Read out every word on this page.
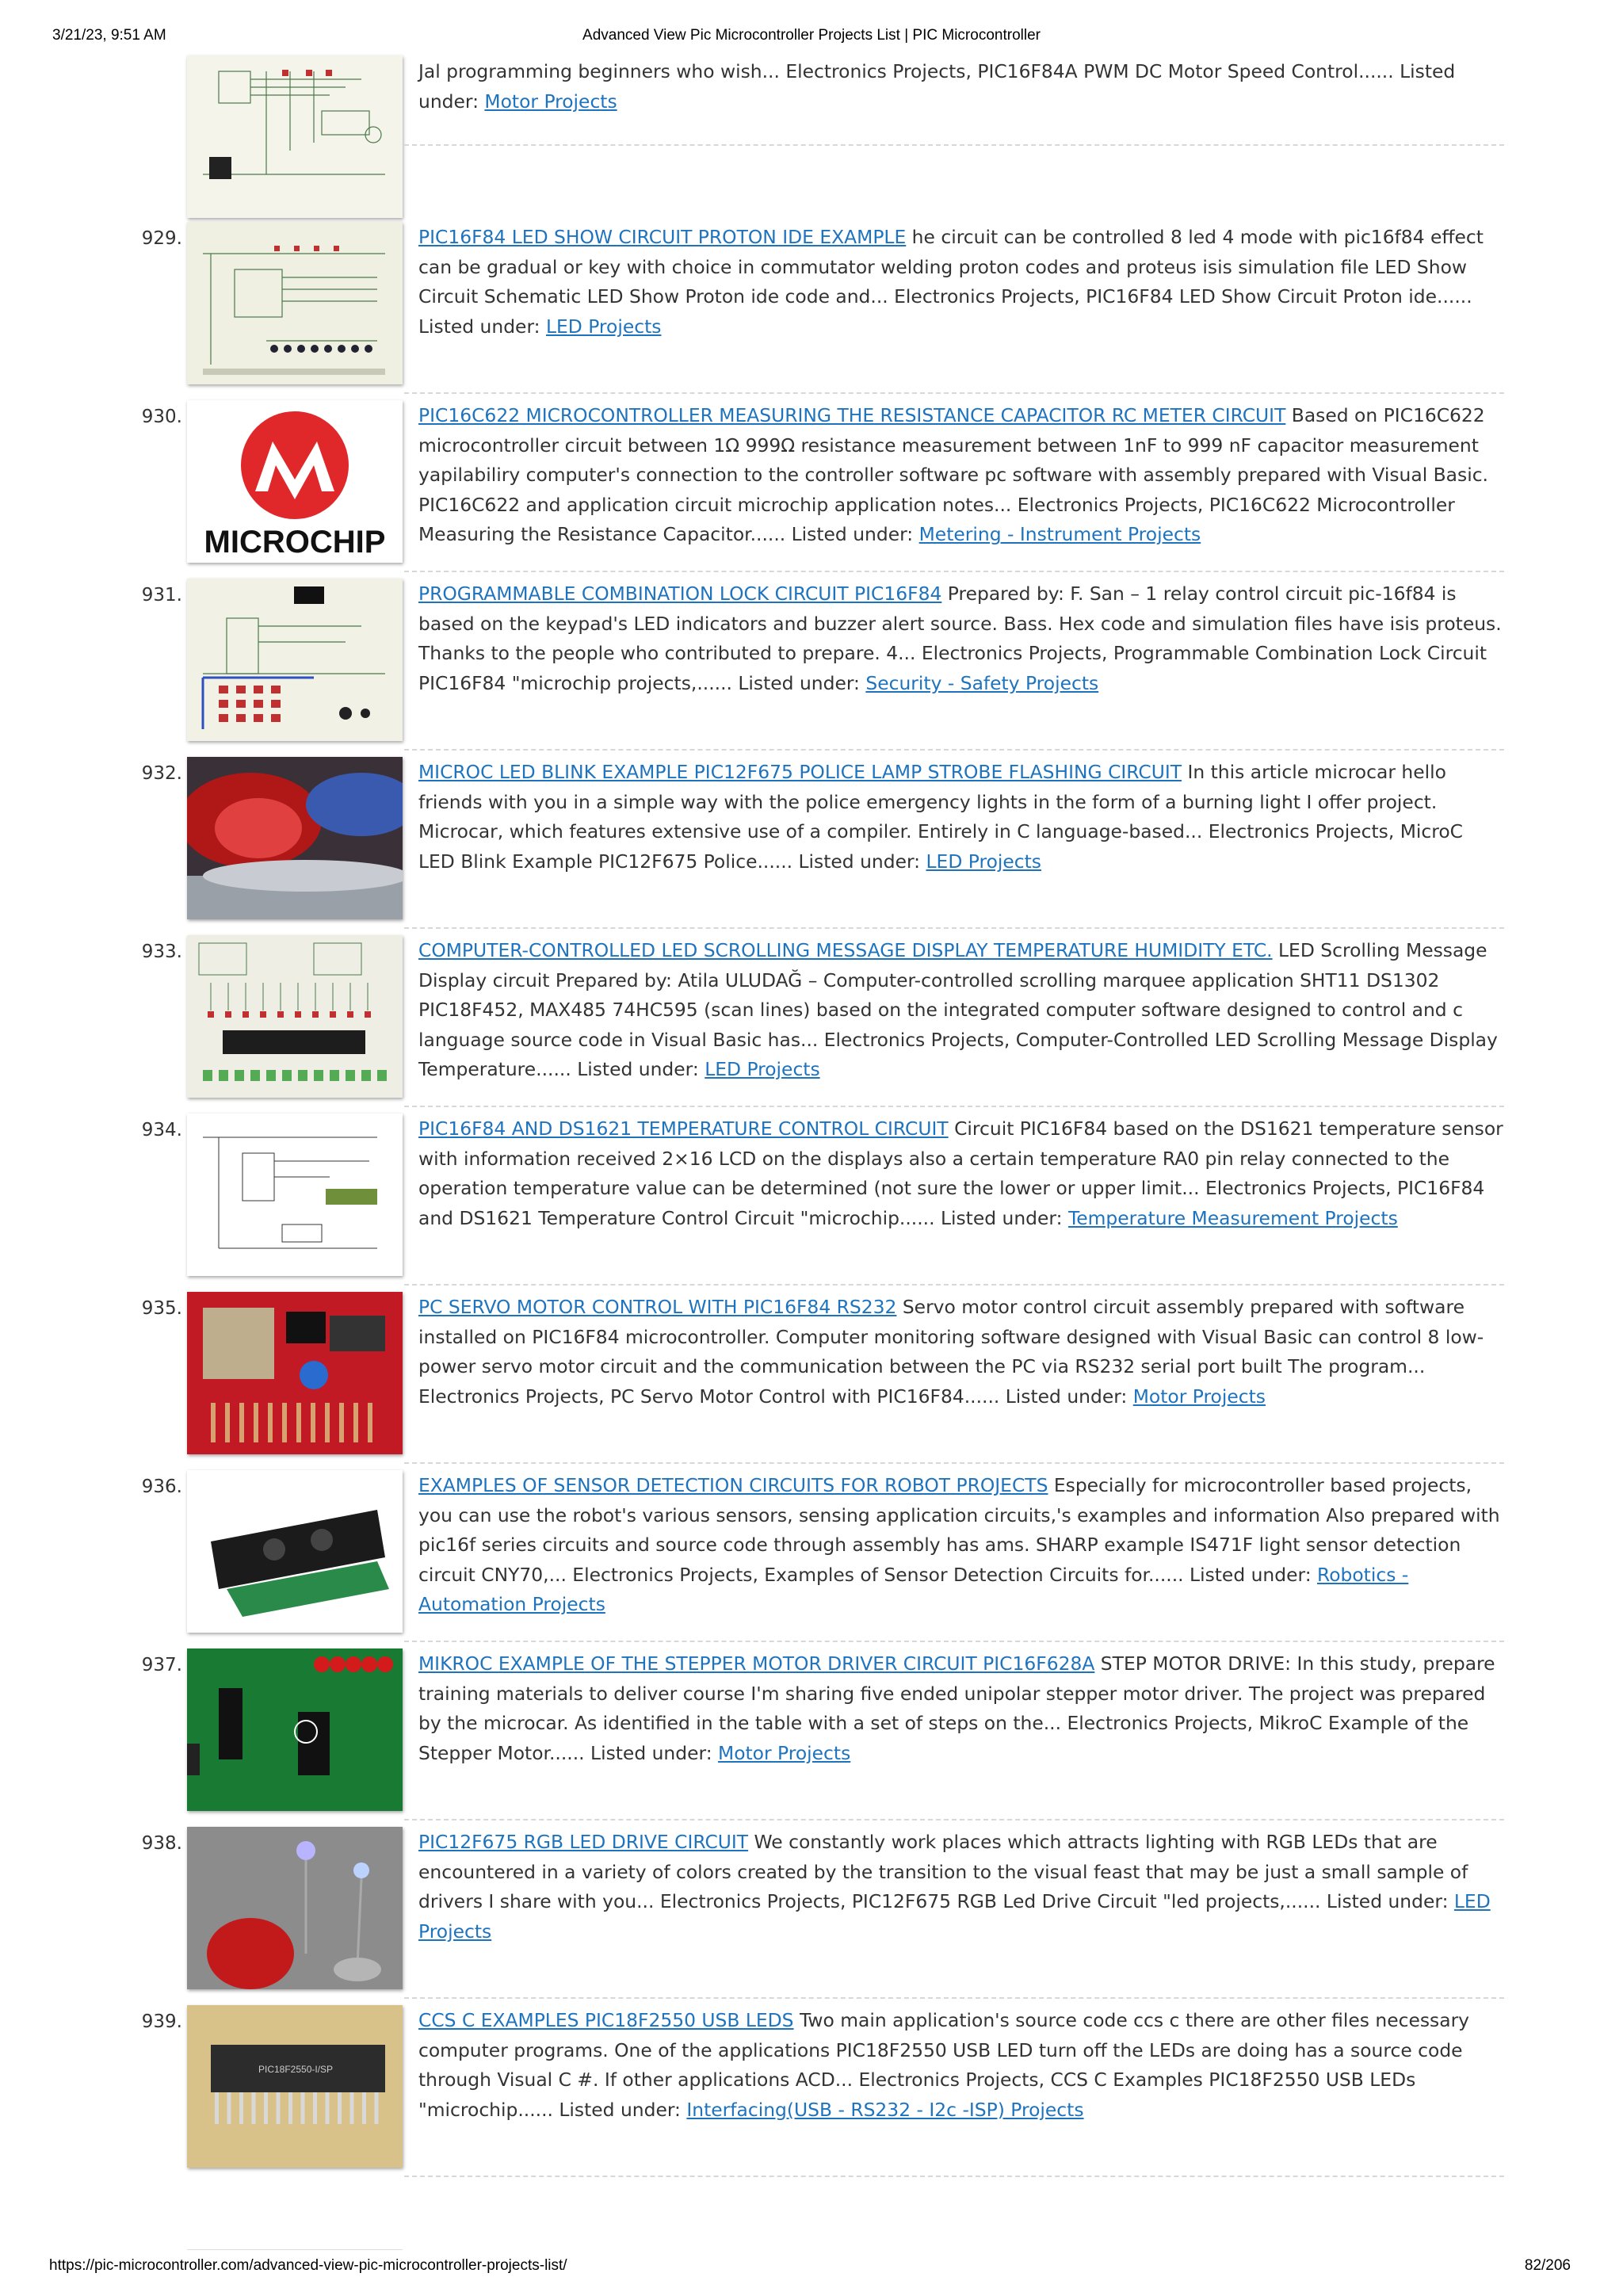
3/21/23, 9:51 AM	Advanced View Pic Microcontroller Projects List | PIC Microcontroller
Jal programming beginners who wish... Electronics Projects, PIC16F84A PWM DC Motor Speed Control...... Listed under: Motor Projects
929.	PIC16F84 LED SHOW CIRCUIT PROTON IDE EXAMPLE he circuit can be controlled 8 led 4 mode with pic16f84 effect can be gradual or key with choice in commutator welding proton codes and proteus isis simulation file LED Show Circuit Schematic LED Show Proton ide code and... Electronics Projects, PIC16F84 LED Show Circuit Proton ide...... Listed under: LED Projects
930.
MICROCHIP
PIC16C622 MICROCONTROLLER MEASURING THE RESISTANCE CAPACITOR RC METER CIRCUIT Based on PIC16C622 microcontroller circuit between 1Ω 999Ω resistance measurement between 1nF to 999 nF capacitor measurement yapilabiliry computer's connection to the controller software pc software with assembly prepared with Visual Basic. PIC16C622 and application circuit microchip application notes... Electronics Projects, PIC16C622 Microcontroller Measuring the Resistance Capacitor...... Listed under: Metering - Instrument Projects
931.	PROGRAMMABLE COMBINATION LOCK CIRCUIT PIC16F84 Prepared by: F. San – 1 relay control circuit pic-16f84 is based on the keypad's LED indicators and buzzer alert source. Bass. Hex code and simulation files have isis proteus. Thanks to the people who contributed to prepare. 4... Electronics Projects, Programmable Combination Lock Circuit PIC16F84 "microchip projects,...... Listed under: Security - Safety Projects
932.	MICROC LED BLINK EXAMPLE PIC12F675 POLICE LAMP STROBE FLASHING CIRCUIT In this article microcar hello friends with you in a simple way with the police emergency lights in the form of a burning light I offer project. Microcar, which features extensive use of a compiler. Entirely in C language-based... Electronics Projects, MicroC LED Blink Example PIC12F675 Police...... Listed under: LED Projects
933.	COMPUTER-CONTROLLED LED SCROLLING MESSAGE DISPLAY TEMPERATURE HUMIDITY ETC. LED Scrolling Message Display circuit Prepared by: Atila ULUDAĞ – Computer-controlled scrolling marquee application SHT11 DS1302 PIC18F452, MAX485 74HC595 (scan lines) based on the integrated computer software designed to control and c language source code in Visual Basic has... Electronics Projects, Computer-Controlled LED Scrolling Message Display Temperature...... Listed under: LED Projects
934.	PIC16F84 AND DS1621 TEMPERATURE CONTROL CIRCUIT Circuit PIC16F84 based on the DS1621 temperature sensor with information received 2×16 LCD on the displays also a certain temperature RA0 pin relay connected to the operation temperature value can be determined (not sure the lower or upper limit... Electronics Projects, PIC16F84 and DS1621 Temperature Control Circuit "microchip...... Listed under: Temperature Measurement Projects
935.	PC SERVO MOTOR CONTROL WITH PIC16F84 RS232 Servo motor control circuit assembly prepared with software installed on PIC16F84 microcontroller. Computer monitoring software designed with Visual Basic can control 8 low-power servo motor circuit and the communication between the PC via RS232 serial port built The program... Electronics Projects, PC Servo Motor Control with PIC16F84...... Listed under: Motor Projects
936.	EXAMPLES OF SENSOR DETECTION CIRCUITS FOR ROBOT PROJECTS Especially for microcontroller based projects, you can use the robot's various sensors, sensing application circuits,'s examples and information Also prepared with pic16f series circuits and source code through assembly has ams. SHARP example IS471F light sensor detection circuit CNY70,... Electronics Projects, Examples of Sensor Detection Circuits for...... Listed under: Robotics - Automation Projects
937.	MIKROC EXAMPLE OF THE STEPPER MOTOR DRIVER CIRCUIT PIC16F628A STEP MOTOR DRIVE: In this study, prepare training materials to deliver course I'm sharing five ended unipolar stepper motor driver. The project was prepared by the microcar. As identified in the table with a set of steps on the... Electronics Projects, MikroC Example of the Stepper Motor...... Listed under: Motor Projects
938.	PIC12F675 RGB LED DRIVE CIRCUIT We constantly work places which attracts lighting with RGB LEDs that are encountered in a variety of colors created by the transition to the visual feast that may be just a small sample of drivers I share with you... Electronics Projects, PIC12F675 RGB Led Drive Circuit "led projects,...... Listed under: LED Projects
939.
PIC18F2550-I/SP
CCS C EXAMPLES PIC18F2550 USB LEDS Two main application's source code ccs c there are other files necessary computer programs. One of the applications PIC18F2550 USB LED turn off the LEDs are doing has a source code through Visual C #. If other applications ACD... Electronics Projects, CCS C Examples PIC18F2550 USB LEDs "microchip...... Listed under: Interfacing(USB - RS232 - I2c -ISP) Projects
https://pic-microcontroller.com/advanced-view-pic-microcontroller-projects-list/	82/206
